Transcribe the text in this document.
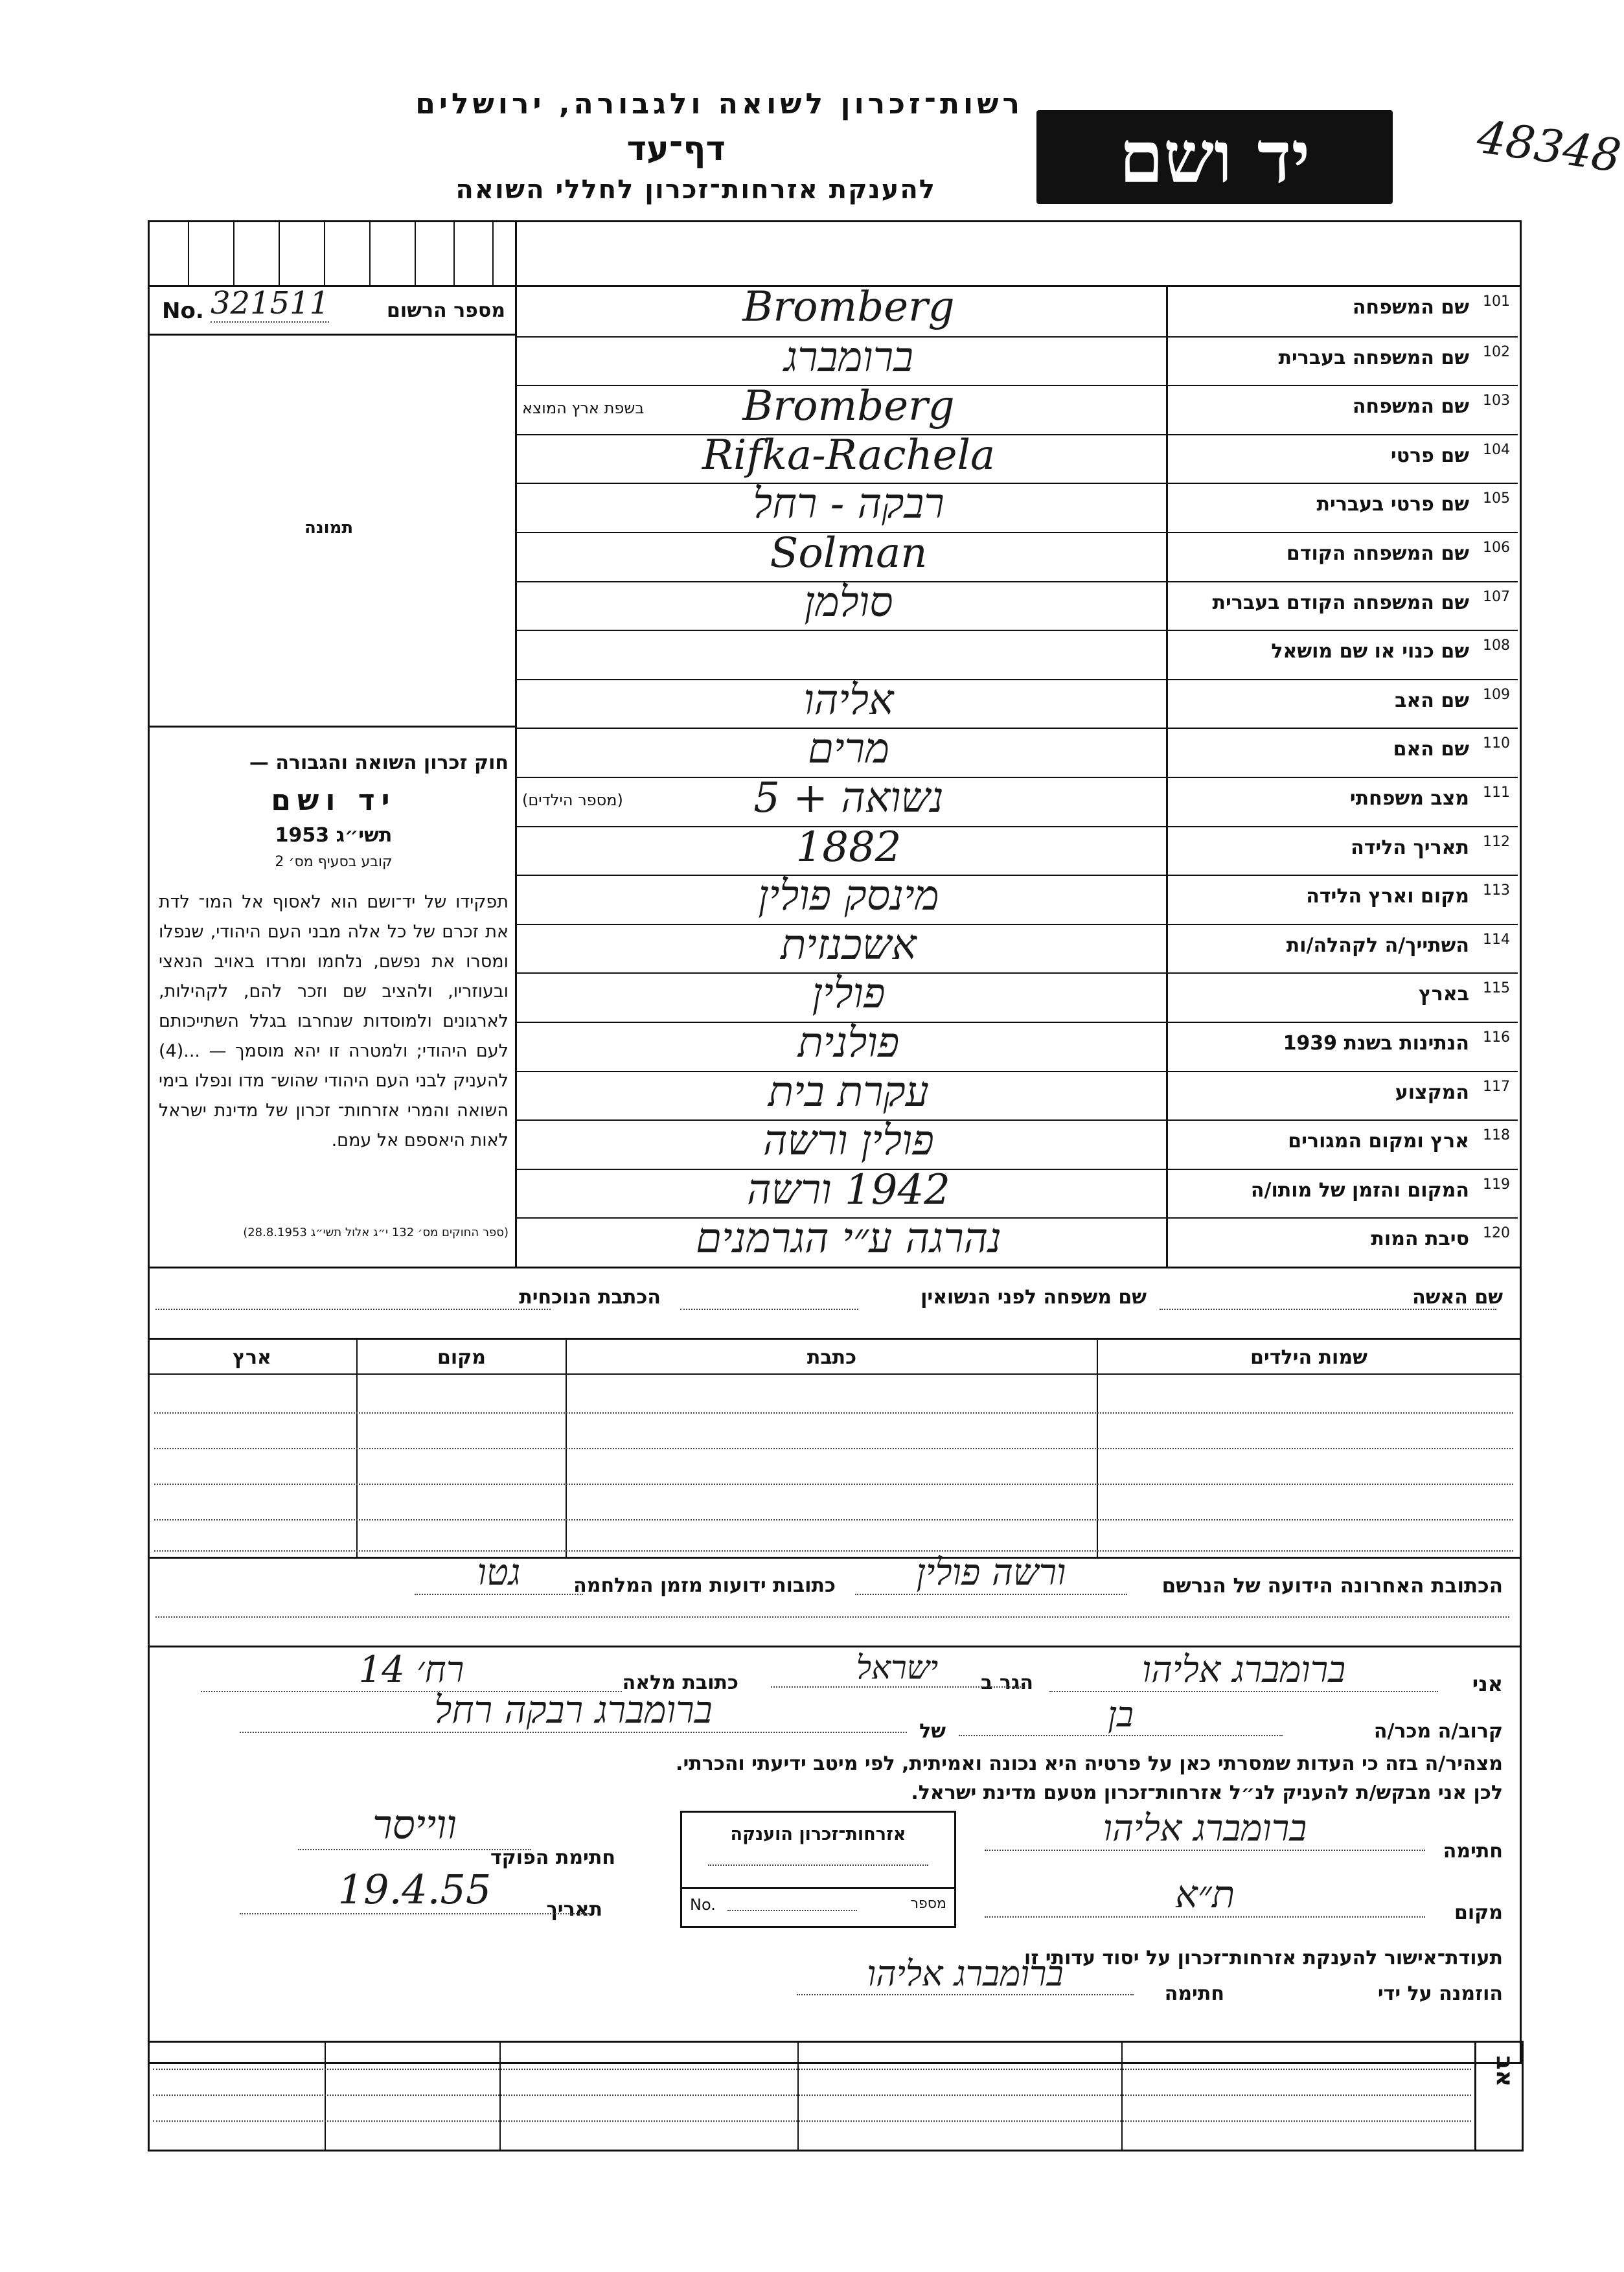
יד ושם
רשות־זכרון לשואה ולגבורה, ירושלים
דף־עד
להענקת אזרחות־זכרון לחללי השואה
48348
No. 321511	מספר הרשום
תמונה
חוק זכרון השואה והגבורה —
יד ושם
תשי״ג 1953
קובע בסעיף מס׳ 2
תפקידו של יד־ושם הוא לאסוף אל המו־ לדת את זכרם של כל אלה מבני העם היהודי, שנפלו ומסרו את נפשם, נלחמו ומרדו באויב הנאצי ובעוזריו, ולהציב שם וזכר להם, לקהילות, לארגונים ולמוסדות שנחרבו בגלל השתייכותם לעם היהודי; ולמטרה זו יהא מוסמך — ...(4) להעניק לבני העם היהודי שהוש־ מדו ונפלו בימי השואה והמרי אזרחות־ זכרון של מדינת ישראל לאות היאספם אל עמם.
(ספר החוקים מס׳ 132 י״ג אלול תשי״ג 28.8.1953)
101
שם המשפחה
Bromberg
102
שם המשפחה בעברית
ברומברג
103
שם המשפחה
בשפת ארץ המוצא	Bromberg
104
שם פרטי
Rifka-Rachela
105
שם פרטי בעברית
רבקה - רחל
106
שם המשפחה הקודם
Solman
107
שם המשפחה הקודם בעברית
סולמן
108
שם כנוי או שם מושאל
109
שם האב
אליהו
110
שם האם
מרים
111
מצב משפחתי
(מספר הילדים)	נשואה + 5
112
תאריך הלידה
1882
113
מקום וארץ הלידה
מינסק פולין
114
השתייך/ה לקהלה/ות
אשכנזית
115
בארץ
פולין
116
הנתינות בשנת 1939
פולנית
117
המקצוע
עקרת בית
118
ארץ ומקום המגורים
פולין ורשה
119
המקום והזמן של מותו/ה
1942 ורשה
120
סיבת המות
נהרגה ע״י הגרמנים
שם האשה
שם משפחה לפני הנשואין
הכתבת הנוכחית
שמות הילדים
כתבת
מקום
ארץ
הכתובת האחרונה הידועה של הנרשם
ורשה פולין
כתובות ידועות מזמן המלחמה
גטו
אני
ברומברג אליהו
הגר ב
ישראל
כתובת מלאה
רח׳ 14
קרוב/ה מכר/ה
בן
של
ברומברג רבקה רחל
מצהיר/ה בזה כי העדות שמסרתי כאן על פרטיה היא נכונה ואמיתית, לפי מיטב ידיעתי והכרתי.
לכן אני מבקש/ת להעניק לנ״ל אזרחות־זכרון מטעם מדינת ישראל.
חתימה
ברומברג אליהו
אזרחות־זכרון הוענקה
No.	מספר
חתימת הפוקד
ווייסר
מקום
ת״א
תאריך
19.4.55
תעודת־אישור להענקת אזרחות־זכרון על יסוד עדותי זו
הוזמנה על ידי
חתימה
ברומברג אליהו
אב
